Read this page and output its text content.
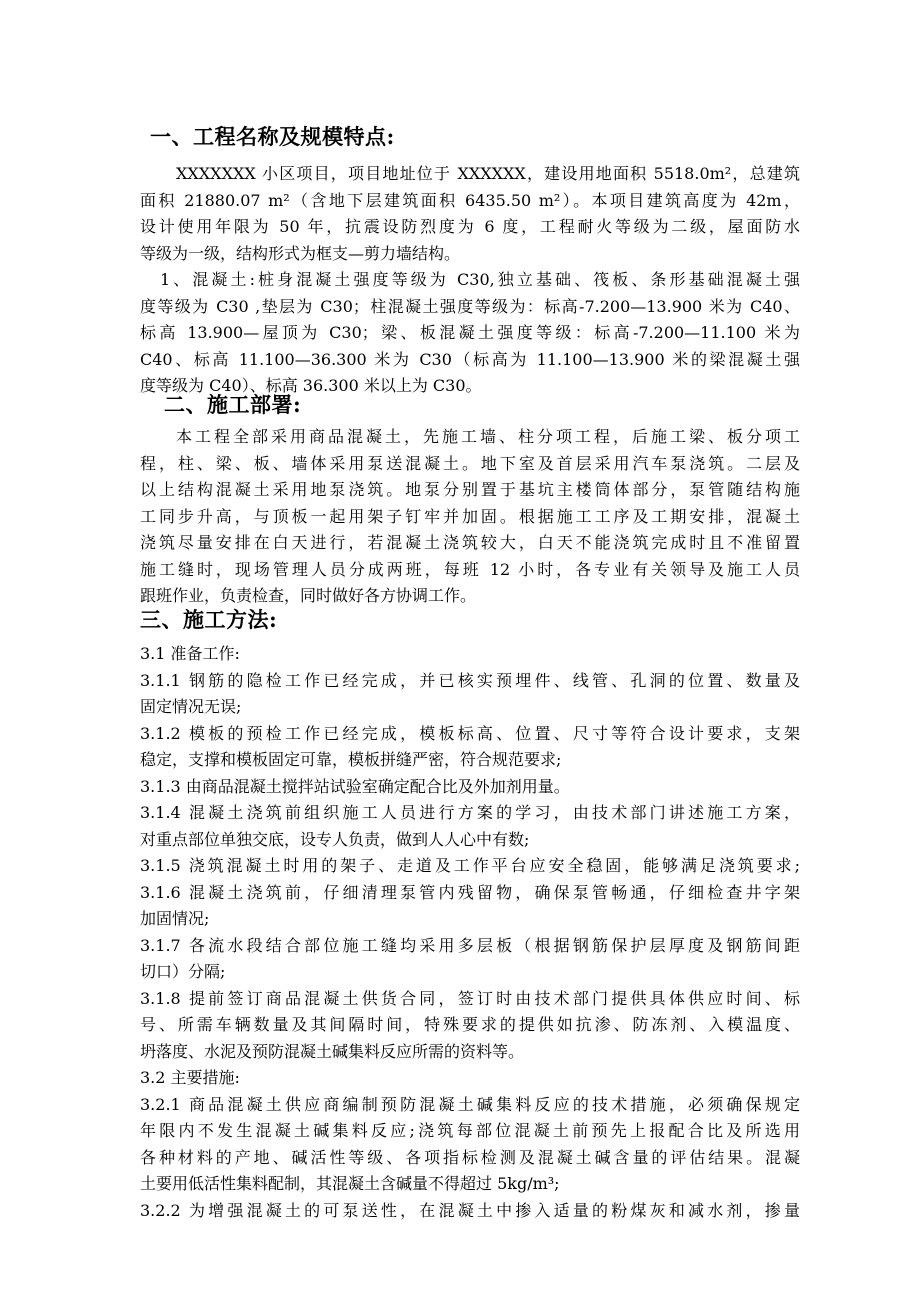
一、工程名称及规模特点:
XXXXXXX 小区项目，项目地址位于 XXXXXX，建设用地面积 5518.0m²，总建筑
面积 21880.07 m²（含地下层建筑面积 6435.50 m²）。本项目建筑高度为 42m，
设计使用年限为 50 年，抗震设防烈度为 6 度，工程耐火等级为二级，屋面防水
等级为一级，结构形式为框支—剪力墙结构。
1、混凝土:桩身混凝土强度等级为 C30,独立基础、筏板、条形基础混凝土强
度等级为 C30 ,垫层为 C30；柱混凝土强度等级为：标高-7.200—13.900 米为 C40、
标高 13.900—屋顶为 C30；梁、板混凝土强度等级：标高-7.200—11.100 米为
C40、标高 11.100—36.300 米为 C30（标高为 11.100—13.900 米的梁混凝土强
度等级为 C40）、标高 36.300 米以上为 C30。
二、施工部署:
本工程全部采用商品混凝土，先施工墙、柱分项工程，后施工梁、板分项工
程，柱、梁、板、墙体采用泵送混凝土。地下室及首层采用汽车泵浇筑。二层及
以上结构混凝土采用地泵浇筑。地泵分别置于基坑主楼筒体部分，泵管随结构施
工同步升高，与顶板一起用架子钉牢并加固。根据施工工序及工期安排，混凝土
浇筑尽量安排在白天进行，若混凝土浇筑较大，白天不能浇筑完成时且不准留置
施工缝时，现场管理人员分成两班，每班 12 小时，各专业有关领导及施工人员
跟班作业，负责检查，同时做好各方协调工作。
三、施工方法:
3.1 准备工作:
3.1.1 钢筋的隐检工作已经完成，并已核实预埋件、线管、孔洞的位置、数量及
固定情况无误;
3.1.2 模板的预检工作已经完成，模板标高、位置、尺寸等符合设计要求，支架
稳定，支撑和模板固定可靠，模板拼缝严密，符合规范要求;
3.1.3 由商品混凝土搅拌站试验室确定配合比及外加剂用量。
3.1.4 混凝土浇筑前组织施工人员进行方案的学习，由技术部门讲述施工方案，
对重点部位单独交底，设专人负责，做到人人心中有数;
3.1.5 浇筑混凝土时用的架子、走道及工作平台应安全稳固，能够满足浇筑要求;
3.1.6 混凝土浇筑前，仔细清理泵管内残留物，确保泵管畅通，仔细检查井字架
加固情况;
3.1.7 各流水段结合部位施工缝均采用多层板（根据钢筋保护层厚度及钢筋间距
切口）分隔;
3.1.8 提前签订商品混凝土供货合同，签订时由技术部门提供具体供应时间、标
号、所需车辆数量及其间隔时间，特殊要求的提供如抗渗、防冻剂、入模温度、
坍落度、水泥及预防混凝土碱集料反应所需的资料等。
3.2 主要措施:
3.2.1 商品混凝土供应商编制预防混凝土碱集料反应的技术措施，必须确保规定
年限内不发生混凝土碱集料反应;浇筑每部位混凝土前预先上报配合比及所选用
各种材料的产地、碱活性等级、各项指标检测及混凝土碱含量的评估结果。混凝
土要用低活性集料配制，其混凝土含碱量不得超过 5kg/m³;
3.2.2 为增强混凝土的可泵送性，在混凝土中掺入适量的粉煤灰和减水剂，掺量
